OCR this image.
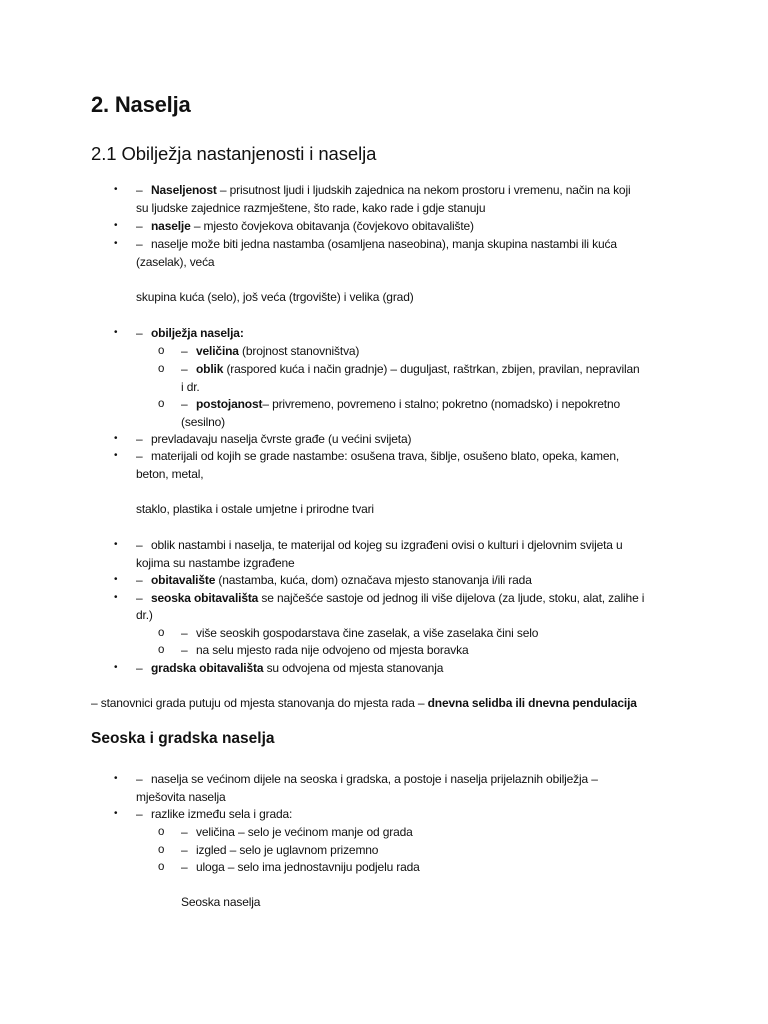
2. Naselja
2.1 Obilježja nastanjenosti i naselja
• – Naseljenost – prisutnost ljudi i ljudskih zajednica na nekom prostoru i vremenu, način na koji
su ljudske zajednice razmještene, što rade, kako rade i gdje stanuju
• – naselje – mjesto čovjekova obitavanja (čovjekovo obitavalište)
• – naselje može biti jedna nastamba (osamljena naseobina), manja skupina nastambi ili kuća
(zaselak), veća
skupina kuća (selo), još veća (trgovište) i velika (grad)
• – obilježja naselja:
o – veličina (brojnost stanovništva)
o – oblik (raspored kuća i način gradnje) – duguljast, raštrkan, zbijen, pravilan, nepravilan
i dr.
o – postojanost– privremeno, povremeno i stalno; pokretno (nomadsko) i nepokretno
(sesilno)
• – prevladavaju naselja čvrste građe (u većini svijeta)
• – materijali od kojih se grade nastambe: osušena trava, šiblje, osušeno blato, opeka, kamen,
beton, metal,
staklo, plastika i ostale umjetne i prirodne tvari
• – oblik nastambi i naselja, te materijal od kojeg su izgrađeni ovisi o kulturi i djelovnim svijeta u
kojima su nastambe izgrađene
• – obitavalište (nastamba, kuća, dom) označava mjesto stanovanja i/ili rada
• – seoska obitavališta se najčešće sastoje od jednog ili više dijelova (za ljude, stoku, alat, zalihe i
dr.)
o – više seoskih gospodarstava čine zaselak, a više zaselaka čini selo
o – na selu mjesto rada nije odvojeno od mjesta boravka
• – gradska obitavališta su odvojena od mjesta stanovanja
– stanovnici grada putuju od mjesta stanovanja do mjesta rada – dnevna selidba ili dnevna pendulacija
Seoska i gradska naselja
• – naselja se većinom dijele na seoska i gradska, a postoje i naselja prijelaznih obilježja –
mješovita naselja
• – razlike između sela i grada:
o – veličina – selo je većinom manje od grada
o – izgled – selo je uglavnom prizemno
o – uloga – selo ima jednostavniju podjelu rada
Seoska naselja
